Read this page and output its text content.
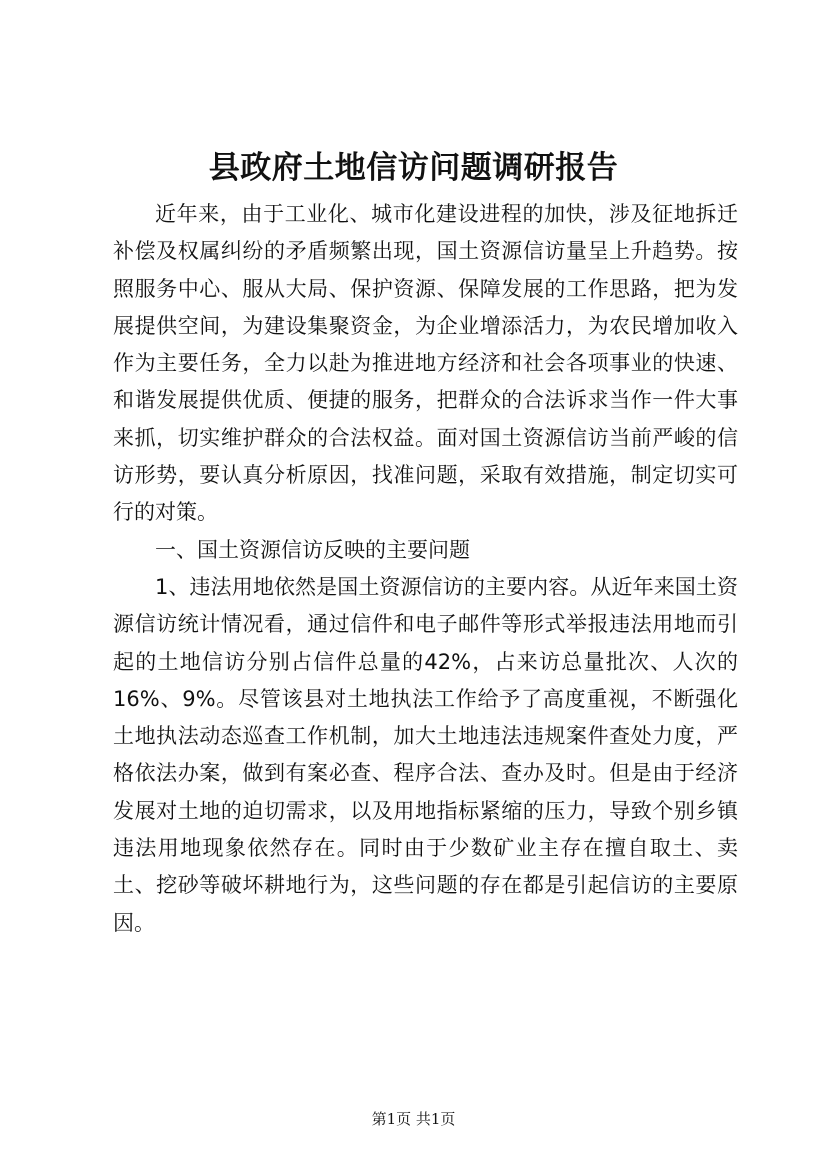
县政府土地信访问题调研报告

近年来，由于工业化、城市化建设进程的加快，涉及征地拆迁补偿及权属纠纷的矛盾频繁出现，国土资源信访量呈上升趋势。按照服务中心、服从大局、保护资源、保障发展的工作思路，把为发展提供空间，为建设集聚资金，为企业增添活力，为农民增加收入作为主要任务，全力以赴为推进地方经济和社会各项事业的快速、和谐发展提供优质、便捷的服务，把群众的合法诉求当作一件大事来抓，切实维护群众的合法权益。面对国土资源信访当前严峻的信访形势，要认真分析原因，找准问题，采取有效措施，制定切实可行的对策。

一、国土资源信访反映的主要问题

1、违法用地依然是国土资源信访的主要内容。从近年来国土资源信访统计情况看，通过信件和电子邮件等形式举报违法用地而引起的土地信访分别占信件总量的42%，占来访总量批次、人次的16%、9%。尽管该县对土地执法工作给予了高度重视，不断强化土地执法动态巡查工作机制，加大土地违法违规案件查处力度，严格依法办案，做到有案必查、程序合法、查办及时。但是由于经济发展对土地的迫切需求，以及用地指标紧缩的压力，导致个别乡镇违法用地现象依然存在。同时由于少数矿业主存在擅自取土、卖土、挖砂等破坏耕地行为，这些问题的存在都是引起信访的主要原因。

第1页 共1页
